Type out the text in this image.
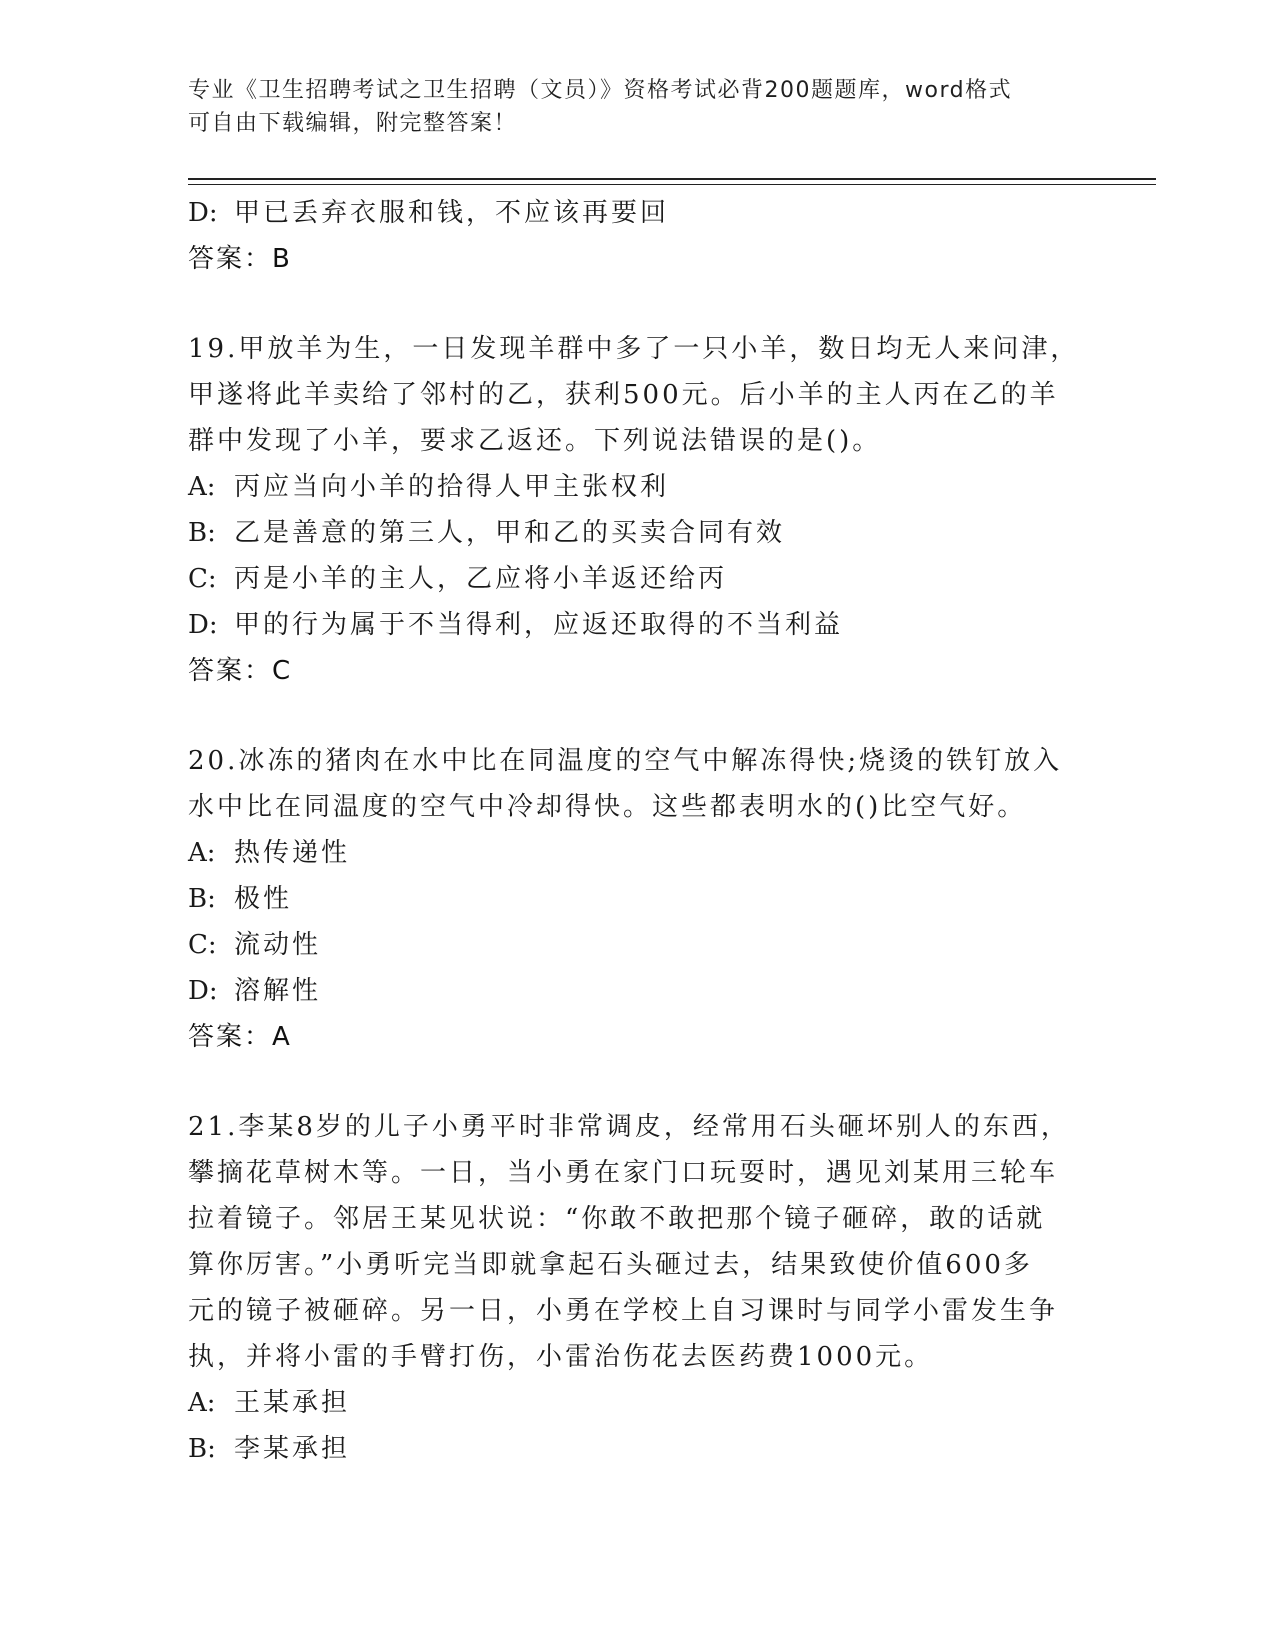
专业《卫生招聘考试之卫生招聘（文员）》资格考试必背200题题库，word格式
可自由下载编辑，附完整答案！
D: 甲已丢弃衣服和钱，不应该再要回
答案：B
19.甲放羊为生，一日发现羊群中多了一只小羊，数日均无人来问津，
甲遂将此羊卖给了邻村的乙，获利500元。后小羊的主人丙在乙的羊
群中发现了小羊，要求乙返还。下列说法错误的是()。
A: 丙应当向小羊的拾得人甲主张权利
B: 乙是善意的第三人，甲和乙的买卖合同有效
C: 丙是小羊的主人，乙应将小羊返还给丙
D: 甲的行为属于不当得利，应返还取得的不当利益
答案：C
20.冰冻的猪肉在水中比在同温度的空气中解冻得快;烧烫的铁钉放入
水中比在同温度的空气中冷却得快。这些都表明水的()比空气好。
A: 热传递性
B: 极性
C: 流动性
D: 溶解性
答案：A
21.李某8岁的儿子小勇平时非常调皮，经常用石头砸坏别人的东西，
攀摘花草树木等。一日，当小勇在家门口玩耍时，遇见刘某用三轮车
拉着镜子。邻居王某见状说：“你敢不敢把那个镜子砸碎，敢的话就
算你厉害。”小勇听完当即就拿起石头砸过去，结果致使价值600多
元的镜子被砸碎。另一日，小勇在学校上自习课时与同学小雷发生争
执，并将小雷的手臂打伤，小雷治伤花去医药费1000元。
A: 王某承担
B: 李某承担
